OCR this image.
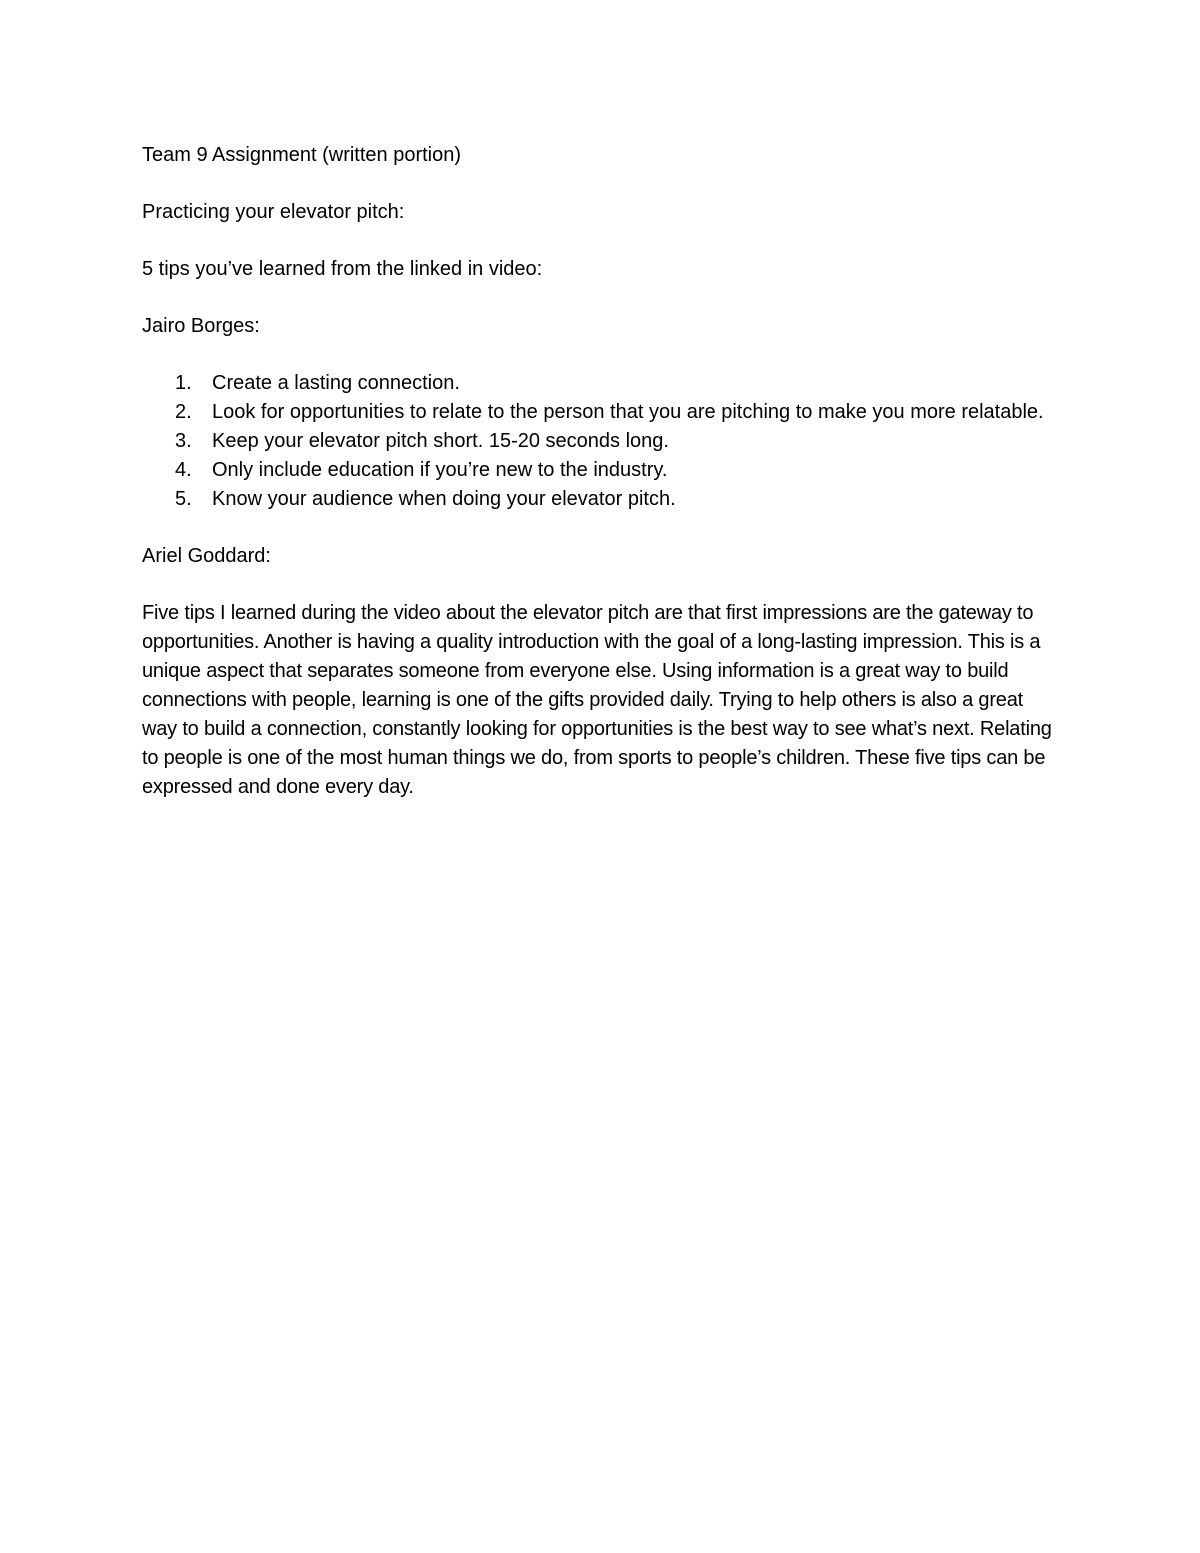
Team 9 Assignment (written portion)

Practicing your elevator pitch:

5 tips you’ve learned from the linked in video:

Jairo Borges:

1. Create a lasting connection.
2. Look for opportunities to relate to the person that you are pitching to make you more relatable.
3. Keep your elevator pitch short. 15-20 seconds long.
4. Only include education if you’re new to the industry.
5. Know your audience when doing your elevator pitch.

Ariel Goddard:

Five tips I learned during the video about the elevator pitch are that first impressions are the gateway to opportunities. Another is having a quality introduction with the goal of a long-lasting impression. This is a unique aspect that separates someone from everyone else. Using information is a great way to build connections with people, learning is one of the gifts provided daily. Trying to help others is also a great way to build a connection, constantly looking for opportunities is the best way to see what’s next. Relating to people is one of the most human things we do, from sports to people’s children. These five tips can be expressed and done every day.
